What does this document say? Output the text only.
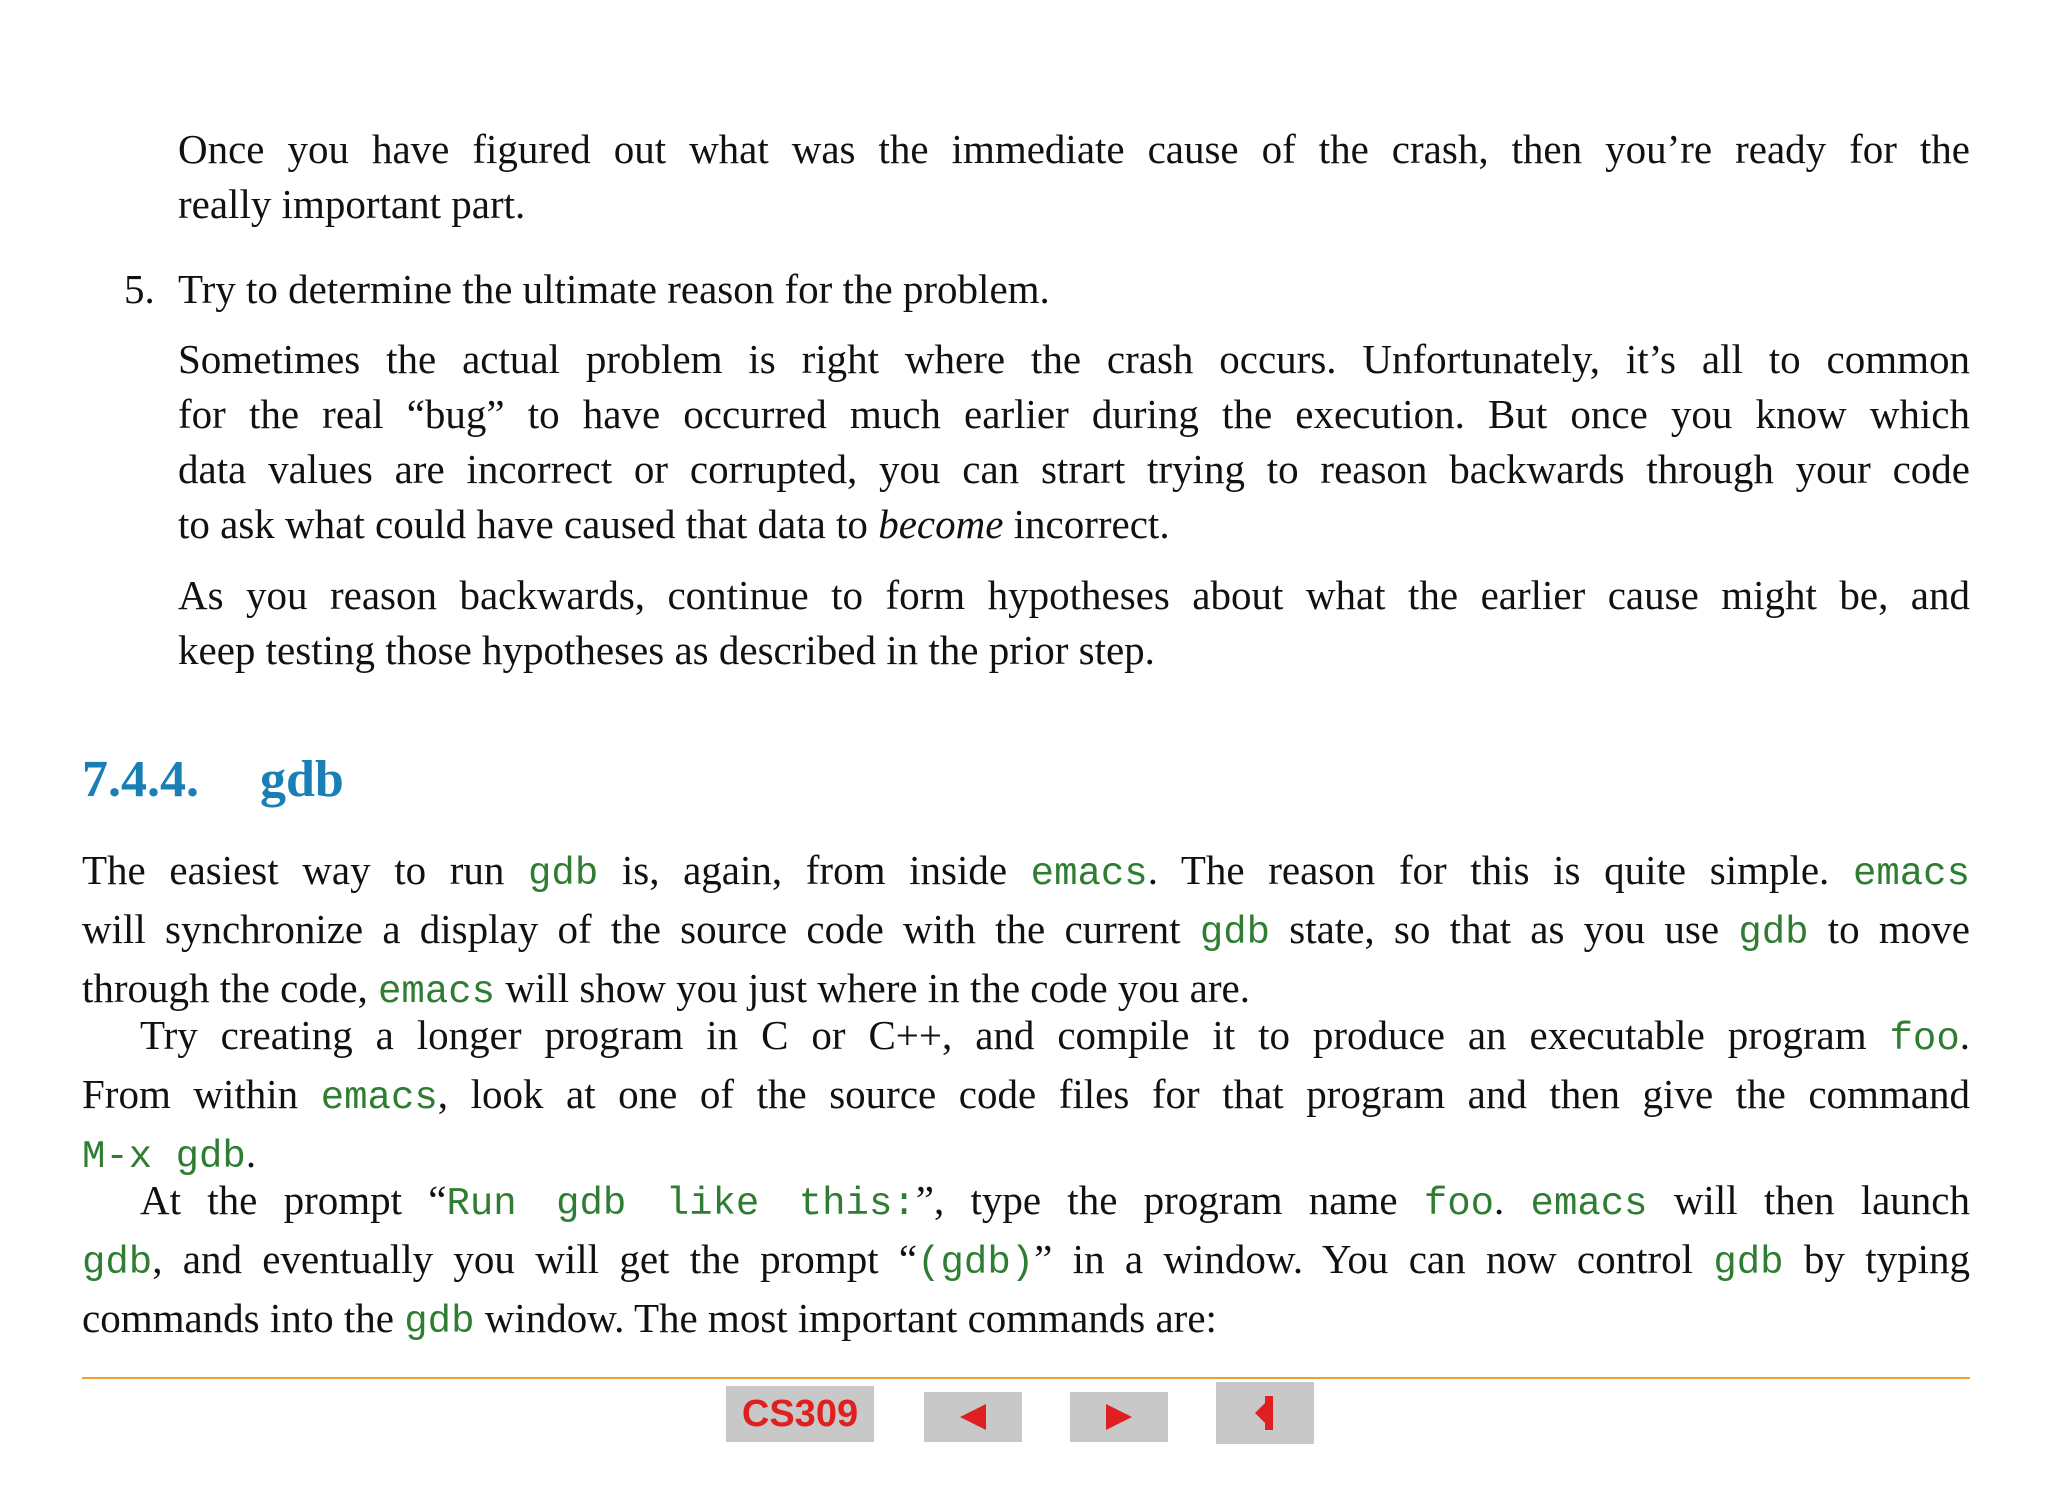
Once you have figured out what was the immediate cause of the crash, then you’re ready for the
really important part.
5. Try to determine the ultimate reason for the problem.
Sometimes the actual problem is right where the crash occurs. Unfortunately, it’s all to common
for the real “bug” to have occurred much earlier during the execution. But once you know which
data values are incorrect or corrupted, you can strart trying to reason backwards through your code
to ask what could have caused that data to become incorrect.
As you reason backwards, continue to form hypotheses about what the earlier cause might be, and
keep testing those hypotheses as described in the prior step.
7.4.4. gdb
The easiest way to run gdb is, again, from inside emacs. The reason for this is quite simple. emacs
will synchronize a display of the source code with the current gdb state, so that as you use gdb to move
through the code, emacs will show you just where in the code you are.
Try creating a longer program in C or C++, and compile it to produce an executable program foo.
From within emacs, look at one of the source code files for that program and then give the command
M-x gdb.
At the prompt “Run gdb like this:”, type the program name foo. emacs will then launch
gdb, and eventually you will get the prompt “(gdb)” in a window. You can now control gdb by typing
commands into the gdb window. The most important commands are:
CS309
